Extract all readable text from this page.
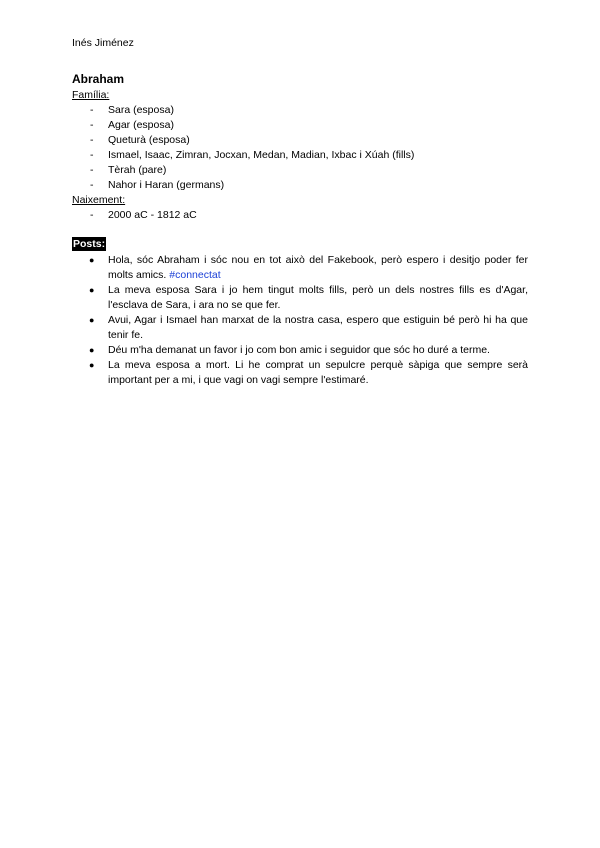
Inés Jiménez
Abraham
Família:
- Sara (esposa)
- Agar (esposa)
- Queturà (esposa)
- Ismael, Isaac, Zimran, Jocxan, Medan, Madian, Ixbac i Xúah (fills)
- Tèrah (pare)
- Nahor i Haran (germans)
Naixement:
- 2000 aC - 1812 aC
Posts:
● Hola, sóc Abraham i sóc nou en tot això del Fakebook, però espero i desitjo poder fer molts amics. #connectat
● La meva esposa Sara i jo hem tingut molts fills, però un dels nostres fills es d'Agar, l'esclava de Sara, i ara no se que fer.
● Avui, Agar i Ismael han marxat de la nostra casa, espero que estiguin bé però hi ha que tenir fe.
● Déu m'ha demanat un favor i jo com bon amic i seguidor que sóc ho duré a terme.
● La meva esposa a mort. Li he comprat un sepulcre perquè sàpiga que sempre serà important per a mi, i que vagi on vagi sempre l'estimaré.
